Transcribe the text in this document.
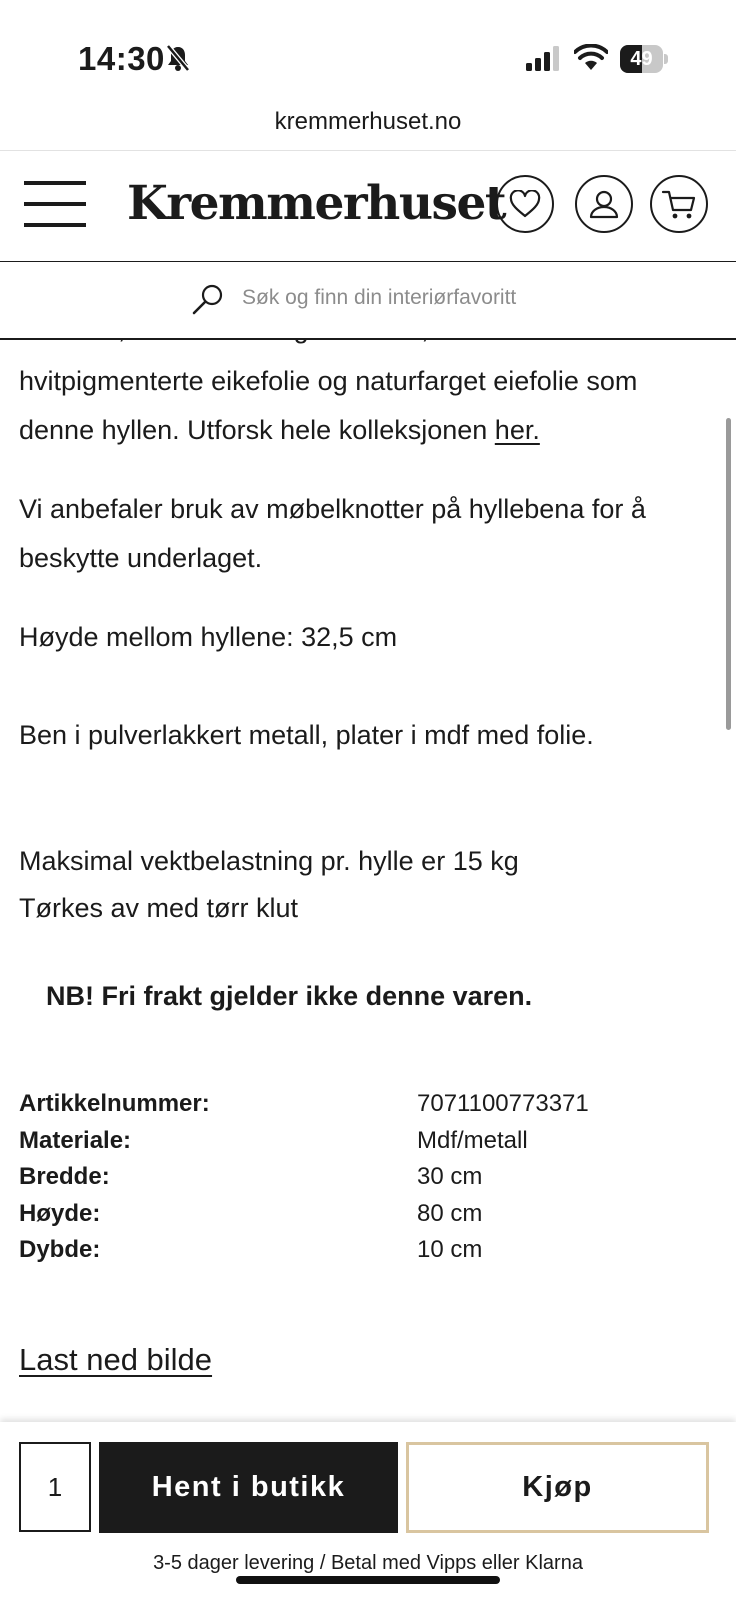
14:30	49
kremmerhuset.no

hvitpigmenterte eikefolie og naturfarget eiefolie som

denne hyllen. Utforsk hele kolleksjonen her.

Vi anbefaler bruk av møbelknotter på hyllebena for å

beskytte underlaget.

Høyde mellom hyllene: 32,5 cm

Ben i pulverlakkert metall, plater i mdf med folie.

Maksimal vektbelastning pr. hylle er 15 kg

Tørkes av med tørr klut

NB! Fri frakt gjelder ikke denne varen.
Artikkelnummer:	7071100773371
Materiale:	Mdf/metall
Bredde:	30 cm
Høyde:	80 cm
Dybde:	10 cm
Last ned bilde
Kremmerhuset
Søk og finn din interiørfavoritt
1	Hent i butikk	Kjøp
3-5 dager levering / Betal med Vipps eller Klarna
